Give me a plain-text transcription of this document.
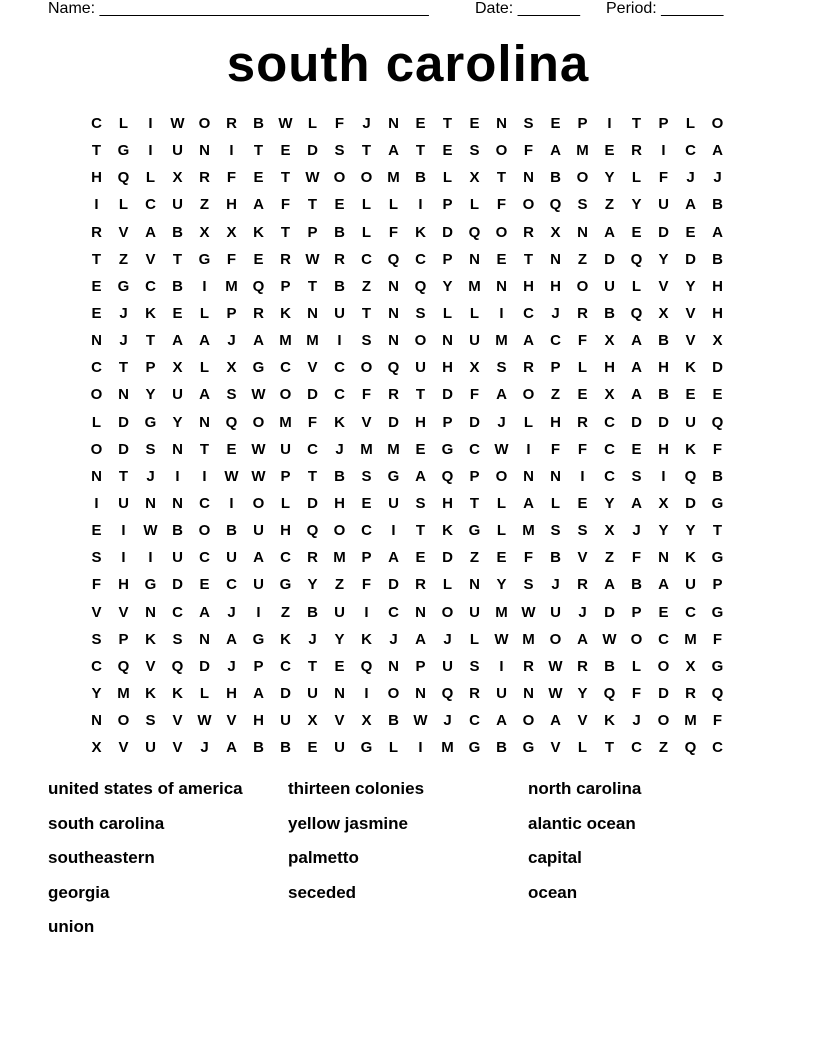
Name: _____________________________________	Date: _______ Period: _______
south carolina
C	L	I	W O	R	B W	L	F	J	N	E	T	E	N	S	E	P	I	T	P	L	O
T	G	I	U	N	I	T	E	D	S	T	A	T	E	S	O	F	A	M	E	R	I	C	A
H	Q	L	X	R	F	E	T	W O	O M	B	L	X	T	N	B	O	Y	L	F	J	J
I	L	C	U	Z	H	A	F	T	E	L	L	I	P	L	F	O	Q	S	Z	Y	U	A	B
R	V	A	B	X	X	K	T	P	B	L	F	K	D	Q	O	R	X	N	A	E	D	E	A
T	Z	V	T	G	F	E	R W R	C	Q	C	P	N	E	T	N	Z	D	Q	Y	D	B
E	G	C	B	I	M Q	P	T	B	Z	N	Q	Y	M	N	H	H	O	U	L	V	Y	H
E	J	K	E	L	P	R	K	N	U	T	N	S	L	L	I	C	J	R	B	Q	X	V	H
N	J	T	A	A	J	A	M M	I	S	N	O	N	U	M	A	C	F	X	A	B	V	X
C	T	P	X	L	X	G	C	V	C	O	Q	U	H	X	S	R	P	L	H	A	H	K	D
O	N	Y	U	A	S W O	D	C	F	R	T	D	F	A	O	Z	E	X	A	B	E	E
L	D	G	Y	N	Q	O M	F	K	V	D	H	P	D	J	L	H	R	C	D	D	U	Q
O	D	S	N	T	E W U	C	J	M M	E	G	C W	I	F	F	C	E	H	K	F
N	T	J	I	I	W W P	T	B	S	G	A	Q	P	O	N	N	I	C	S	I	Q	B
I	U	N	N	C	I	O	L	D	H	E	U	S	H	T	L	A	L	E	Y	A	X	D	G
E	I	W B	O	B	U	H	Q	O	C	I	T	K	G	L	M	S	S	X	J	Y	Y	T
S	I	I	U	C	U	A	C	R	M	P	A	E	D	Z	E	F	B	V	Z	F	N	K	G
F	H	G	D	E	C	U	G	Y	Z	F	D	R	L	N	Y	S	J	R	A	B	A	U	P
V	V	N	C	A	J	I	Z	B	U	I	C	N	O	U	M W U	J	D	P	E	C	G
S	P	K	S	N	A	G	K	J	Y	K	J	A	J	L	W M O	A W O	C	M	F
C	Q	V	Q	D	J	P	C	T	E	Q	N	P	U	S	I	R W R	B	L	O	X	G
Y	M	K	K	L	H	A	D	U	N	I	O	N	Q	R	U	N W Y	Q	F	D	R	Q
N	O	S	V W V	H	U	X	V	X	B W	J	C	A	O	A	V	K	J	O M	F
X	V	U	V	J	A	B	B	E	U	G	L	I	M G	B	G	V	L	T	C	Z	Q	C
united states of america	thirteen colonies	north carolina
south carolina	yellow jasmine	alantic ocean
southeastern	palmetto	capital
georgia	seceded	ocean
union
